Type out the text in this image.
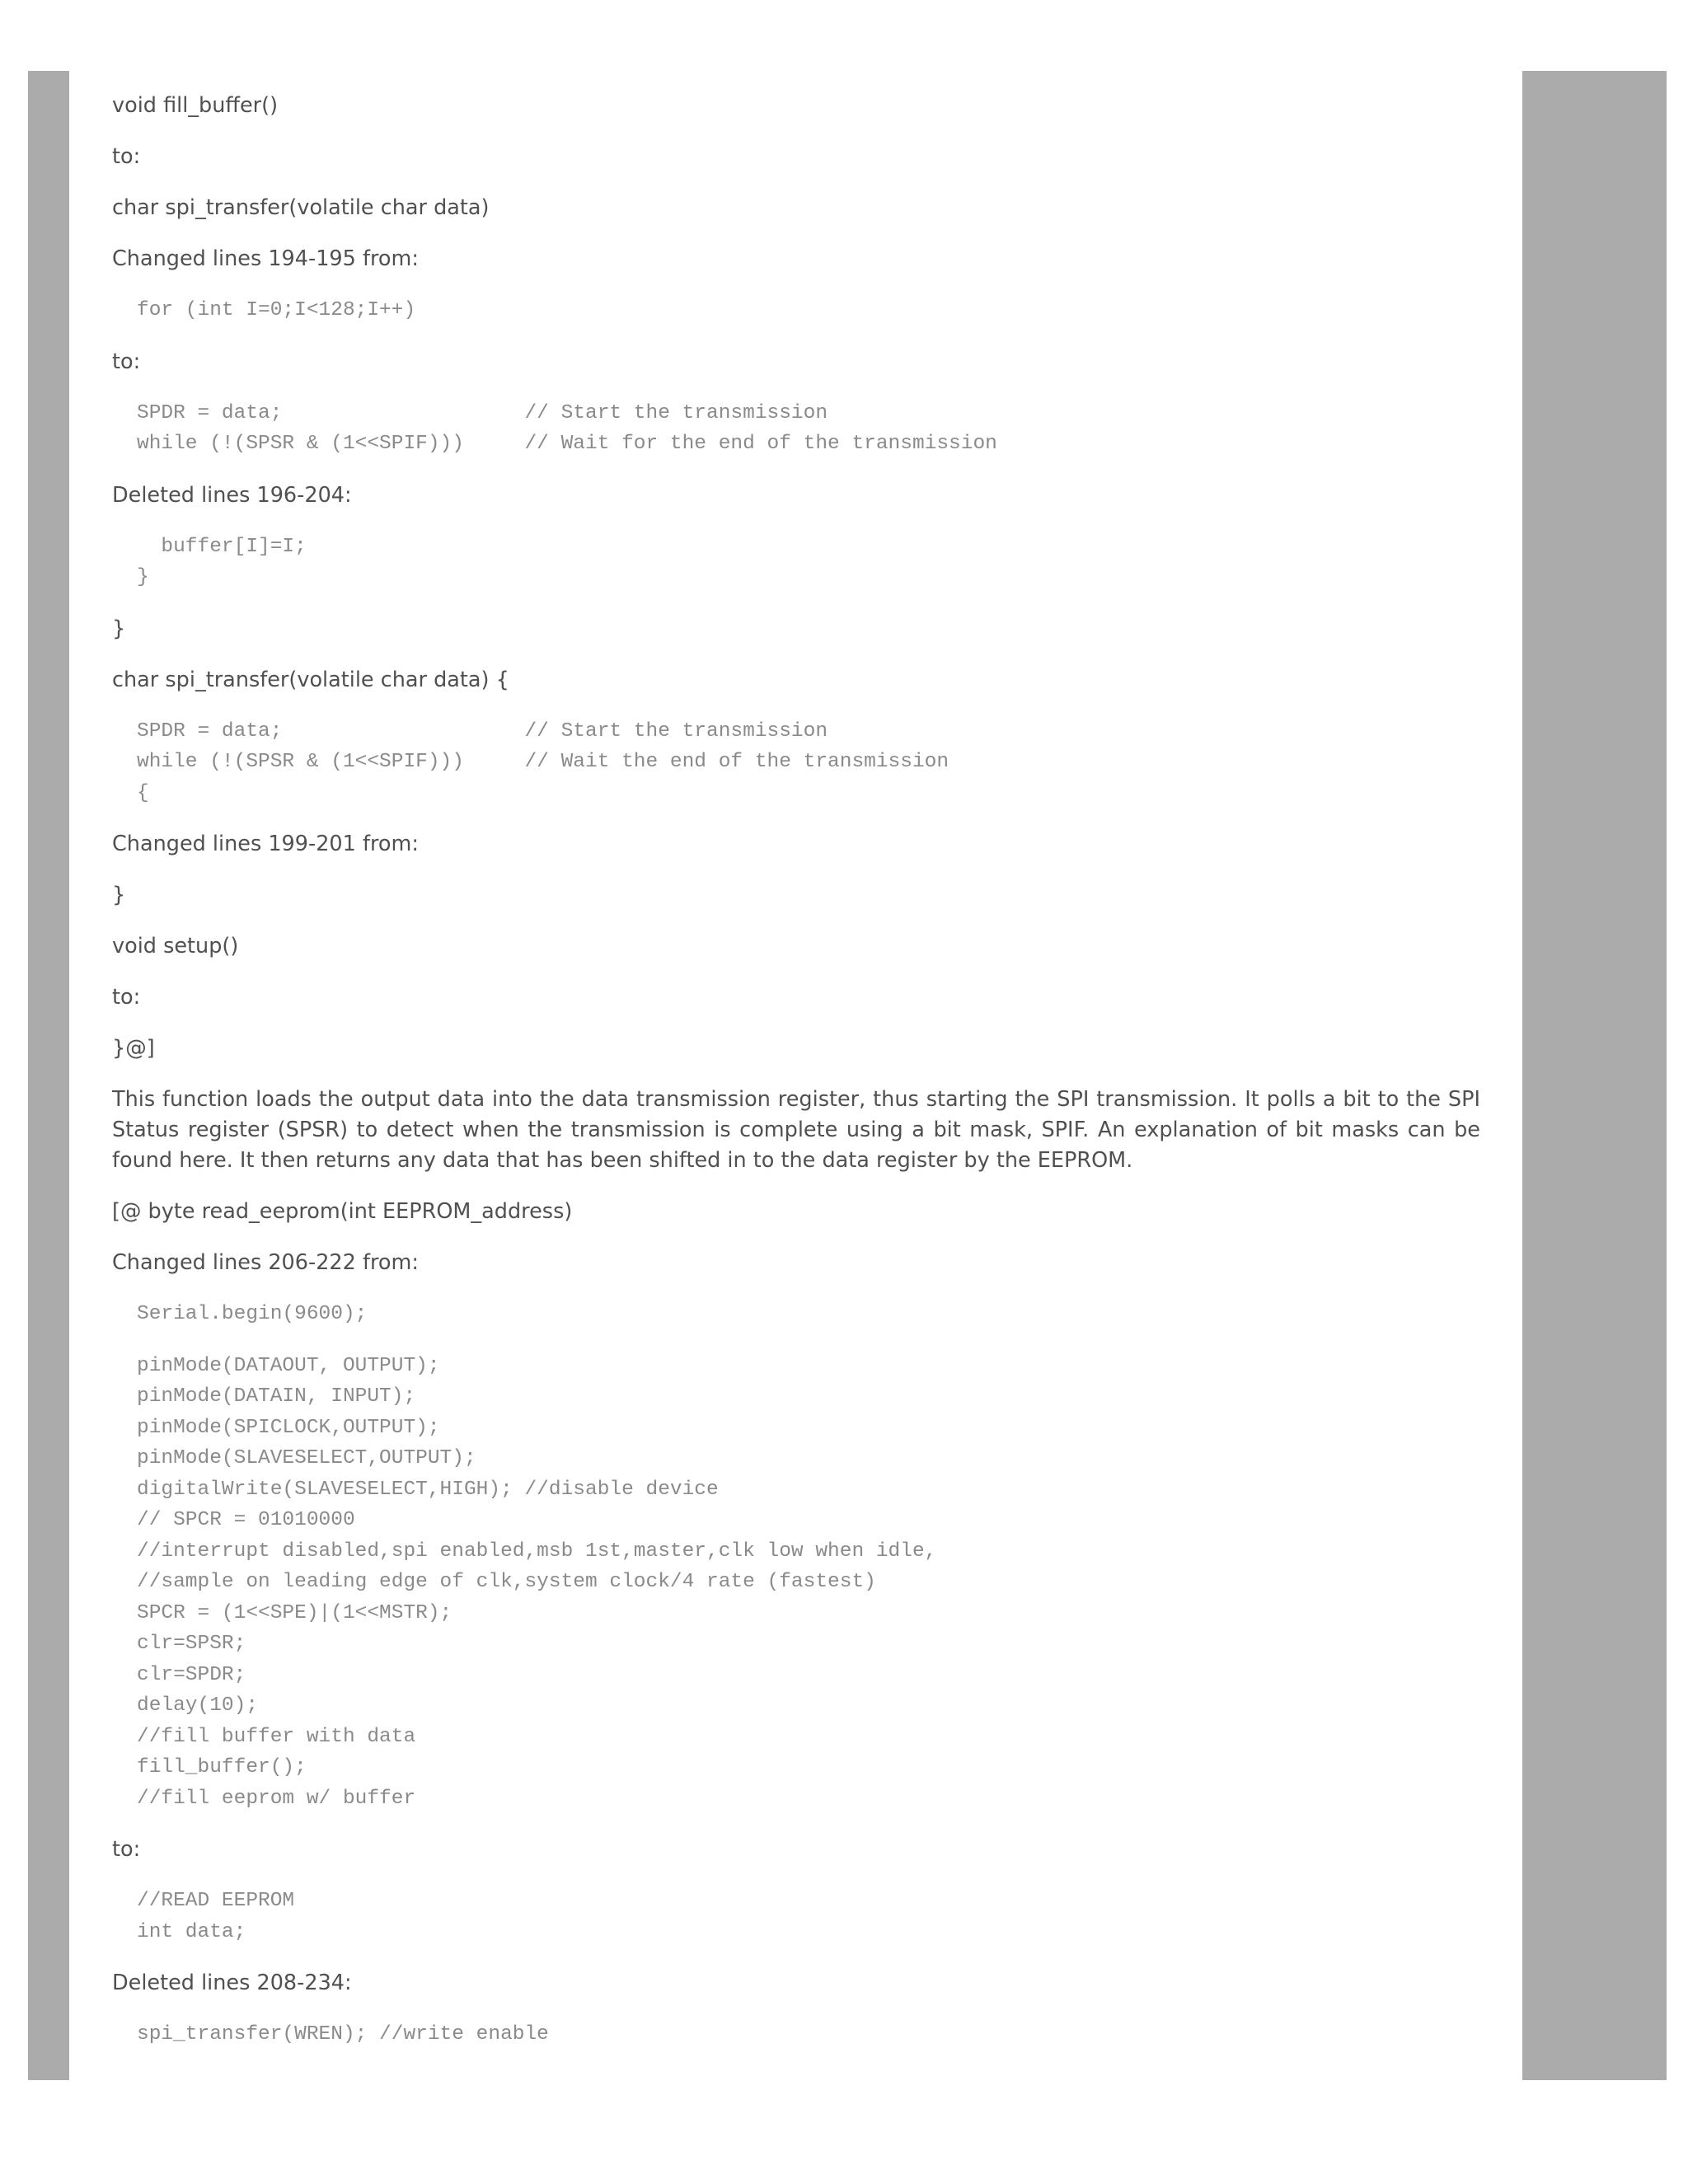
void fill_buffer()

to:

char spi_transfer(volatile char data)

Changed lines 194-195 from:

for (int I=0;I<128;I++)

to:

SPDR = data;                    // Start the transmission
while (!(SPSR & (1<<SPIF)))     // Wait for the end of the transmission

Deleted lines 196-204:

buffer[I]=I;
}

}

char spi_transfer(volatile char data) {

SPDR = data;                    // Start the transmission
while (!(SPSR & (1<<SPIF)))     // Wait the end of the transmission
{

Changed lines 199-201 from:

}

void setup()

to:

}@]

This function loads the output data into the data transmission register, thus starting the SPI transmission. It polls a bit to the SPI Status register (SPSR) to detect when the transmission is complete using a bit mask, SPIF. An explanation of bit masks can be found here. It then returns any data that has been shifted in to the data register by the EEPROM.

[@ byte read_eeprom(int EEPROM_address)

Changed lines 206-222 from:

Serial.begin(9600);
pinMode(DATAOUT, OUTPUT);
pinMode(DATAIN, INPUT);
pinMode(SPICLOCK,OUTPUT);
pinMode(SLAVESELECT,OUTPUT);
digitalWrite(SLAVESELECT,HIGH); //disable device
// SPCR = 01010000
//interrupt disabled,spi enabled,msb 1st,master,clk low when idle,
//sample on leading edge of clk,system clock/4 rate (fastest)
SPCR = (1<<SPE)|(1<<MSTR);
clr=SPSR;
clr=SPDR;
delay(10);
//fill buffer with data
fill_buffer();
//fill eeprom w/ buffer

to:

//READ EEPROM
int data;

Deleted lines 208-234:

spi_transfer(WREN); //write enable
